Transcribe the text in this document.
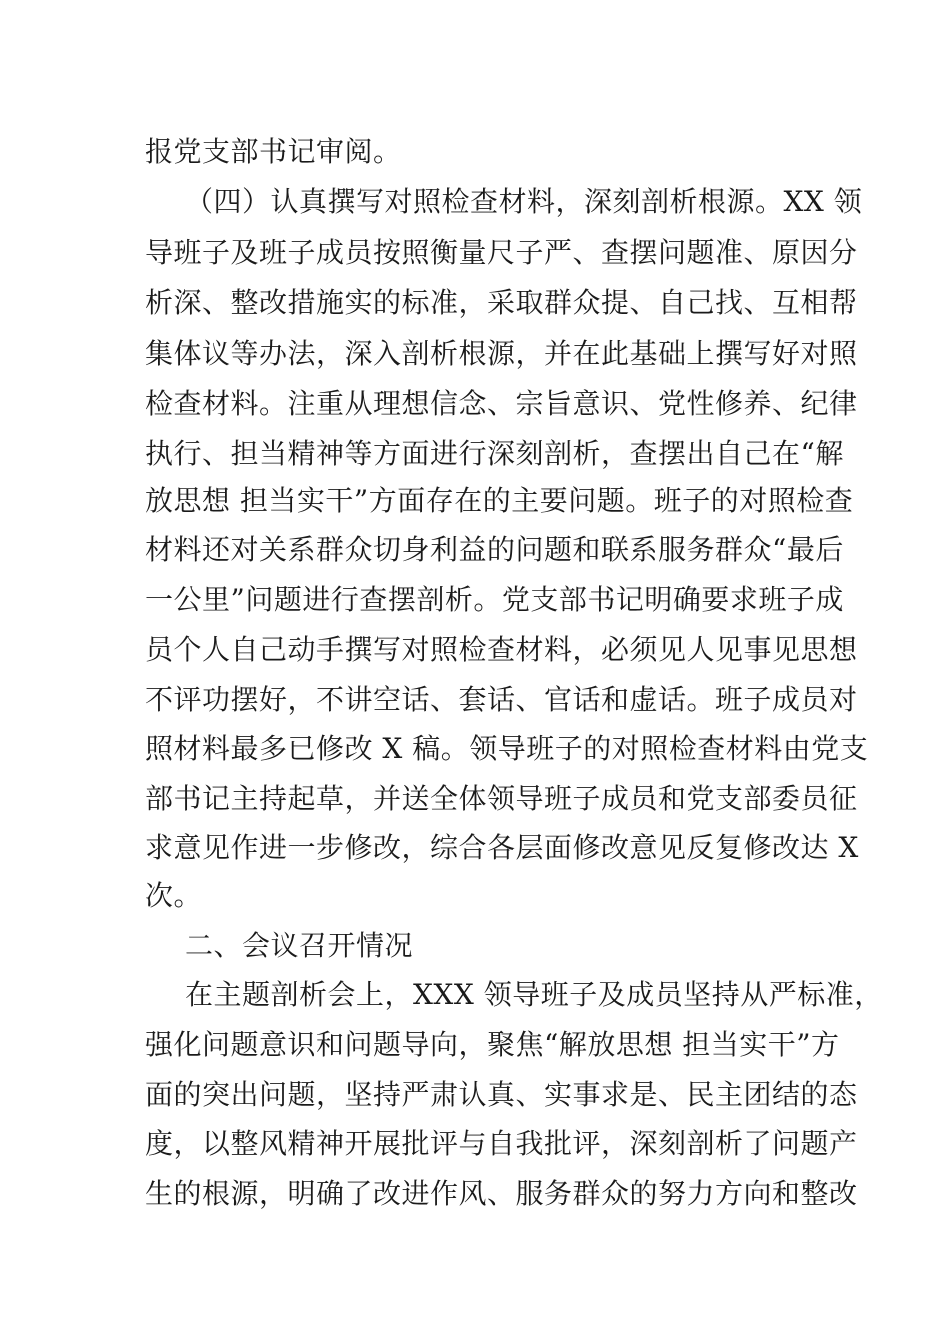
报党支部书记审阅。
（四）认真撰写对照检查材料，深刻剖析根源。XX 领
导班子及班子成员按照衡量尺子严、查摆问题准、原因分
析深、整改措施实的标准，采取群众提、自己找、互相帮
集体议等办法，深入剖析根源，并在此基础上撰写好对照
检查材料。注重从理想信念、宗旨意识、党性修养、纪律
执行、担当精神等方面进行深刻剖析，查摆出自己在“解
放思想 担当实干”方面存在的主要问题。班子的对照检查
材料还对关系群众切身利益的问题和联系服务群众“最后
一公里”问题进行查摆剖析。党支部书记明确要求班子成
员个人自己动手撰写对照检查材料，必须见人见事见思想
不评功摆好，不讲空话、套话、官话和虚话。班子成员对
照材料最多已修改 X 稿。领导班子的对照检查材料由党支
部书记主持起草，并送全体领导班子成员和党支部委员征
求意见作进一步修改，综合各层面修改意见反复修改达 X
次。
二、会议召开情况
在主题剖析会上，XXX 领导班子及成员坚持从严标准，
强化问题意识和问题导向，聚焦“解放思想 担当实干”方
面的突出问题，坚持严肃认真、实事求是、民主团结的态
度，以整风精神开展批评与自我批评，深刻剖析了问题产
生的根源，明确了改进作风、服务群众的努力方向和整改
